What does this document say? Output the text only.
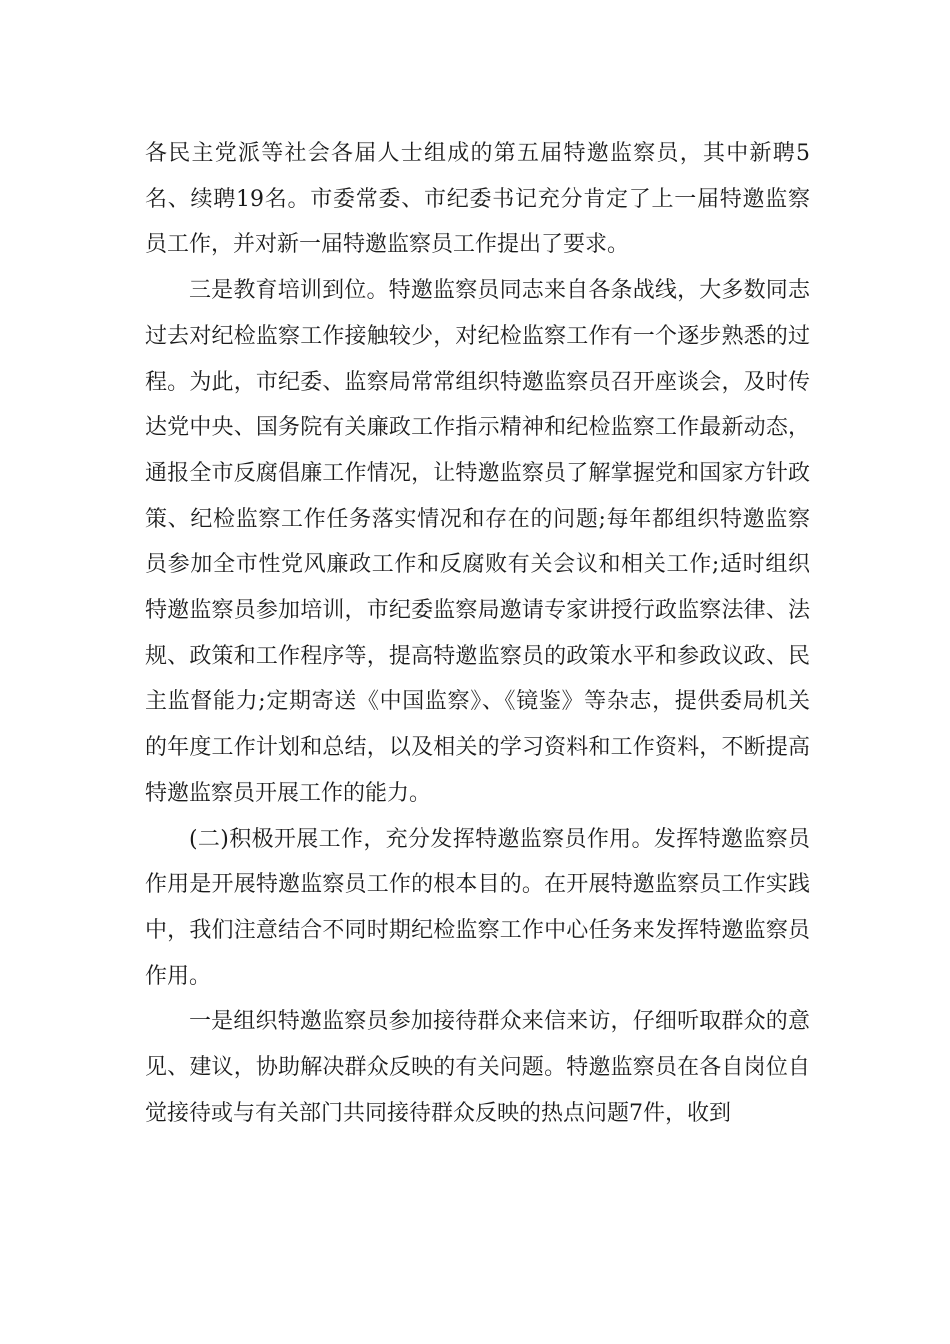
各民主党派等社会各届人士组成的第五届特邀监察员，其中新聘5名、续聘19名。市委常委、市纪委书记充分肯定了上一届特邀监察员工作，并对新一届特邀监察员工作提出了要求。

三是教育培训到位。特邀监察员同志来自各条战线，大多数同志过去对纪检监察工作接触较少，对纪检监察工作有一个逐步熟悉的过程。为此，市纪委、监察局常常组织特邀监察员召开座谈会，及时传达党中央、国务院有关廉政工作指示精神和纪检监察工作最新动态，通报全市反腐倡廉工作情况，让特邀监察员了解掌握党和国家方针政策、纪检监察工作任务落实情况和存在的问题;每年都组织特邀监察员参加全市性党风廉政工作和反腐败有关会议和相关工作;适时组织特邀监察员参加培训，市纪委监察局邀请专家讲授行政监察法律、法规、政策和工作程序等，提高特邀监察员的政策水平和参政议政、民主监督能力;定期寄送《中国监察》、《镜鉴》等杂志，提供委局机关的年度工作计划和总结，以及相关的学习资料和工作资料，不断提高特邀监察员开展工作的能力。

(二)积极开展工作，充分发挥特邀监察员作用。发挥特邀监察员作用是开展特邀监察员工作的根本目的。在开展特邀监察员工作实践中，我们注意结合不同时期纪检监察工作中心任务来发挥特邀监察员作用。

一是组织特邀监察员参加接待群众来信来访，仔细听取群众的意见、建议，协助解决群众反映的有关问题。特邀监察员在各自岗位自觉接待或与有关部门共同接待群众反映的热点问题7件，收到
